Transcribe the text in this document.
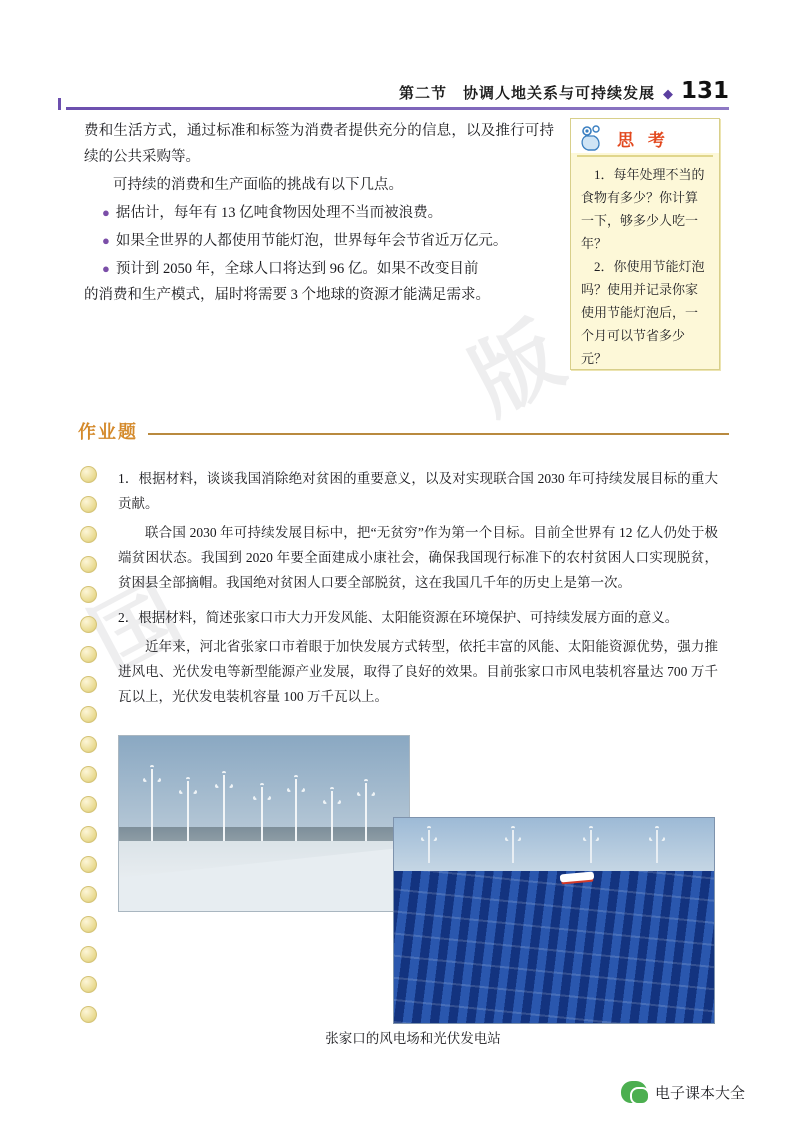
版
国
第二节　协调人地关系与可持续发展 ◆ 131

费和生活方式，通过标准和标签为消费者提供充分的信息，以及推行可持续的公共采购等。

可持续的消费和生产面临的挑战有以下几点。

● 据估计，每年有 13 亿吨食物因处理不当而被浪费。
● 如果全世界的人都使用节能灯泡，世界每年会节省近万亿元。
● 预计到 2050 年，全球人口将达到 96 亿。如果不改变目前

的消费和生产模式，届时将需要 3 个地球的资源才能满足需求。

思 考

1．每年处理不当的食物有多少？你计算一下，够多少人吃一年？

2．你使用节能灯泡吗？使用并记录你家使用节能灯泡后，一个月可以节省多少元？

作业题

1．根据材料，谈谈我国消除绝对贫困的重要意义，以及对实现联合国 2030 年可持续发展目标的重大贡献。

联合国 2030 年可持续发展目标中，把“无贫穷”作为第一个目标。目前全世界有 12 亿人仍处于极端贫困状态。我国到 2020 年要全面建成小康社会，确保我国现行标准下的农村贫困人口实现脱贫，贫困县全部摘帽。我国绝对贫困人口要全部脱贫，这在我国几千年的历史上是第一次。

2．根据材料，简述张家口市大力开发风能、太阳能资源在环境保护、可持续发展方面的意义。

近年来，河北省张家口市着眼于加快发展方式转型，依托丰富的风能、太阳能资源优势，强力推进风电、光伏发电等新型能源产业发展，取得了良好的效果。目前张家口市风电装机容量达 700 万千瓦以上，光伏发电装机容量 100 万千瓦以上。

张家口的风电场和光伏发电站
电子课本大全
